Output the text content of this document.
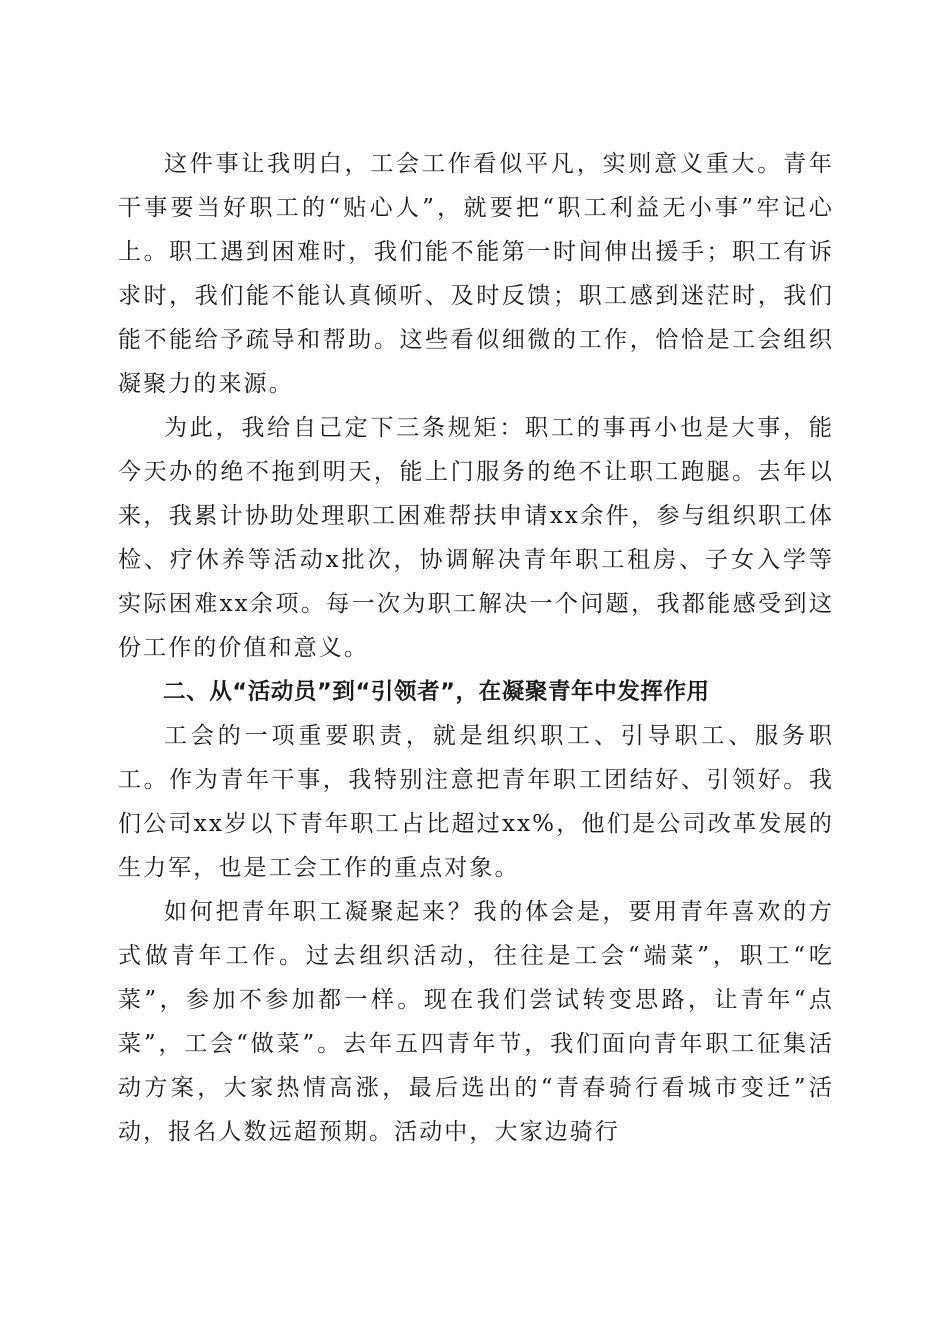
这件事让我明白，工会工作看似平凡，实则意义重大。青年干事要当好职工的“贴心人”，就要把“职工利益无小事”牢记心上。职工遇到困难时，我们能不能第一时间伸出援手；职工有诉求时，我们能不能认真倾听、及时反馈；职工感到迷茫时，我们能不能给予疏导和帮助。这些看似细微的工作，恰恰是工会组织凝聚力的来源。

为此，我给自己定下三条规矩：职工的事再小也是大事，能今天办的绝不拖到明天，能上门服务的绝不让职工跑腿。去年以来，我累计协助处理职工困难帮扶申请xx余件，参与组织职工体检、疗休养等活动x批次，协调解决青年职工租房、子女入学等实际困难xx余项。每一次为职工解决一个问题，我都能感受到这份工作的价值和意义。

二、从“活动员”到“引领者”，在凝聚青年中发挥作用

工会的一项重要职责，就是组织职工、引导职工、服务职工。作为青年干事，我特别注意把青年职工团结好、引领好。我们公司xx岁以下青年职工占比超过xx%，他们是公司改革发展的生力军，也是工会工作的重点对象。

如何把青年职工凝聚起来？我的体会是，要用青年喜欢的方式做青年工作。过去组织活动，往往是工会“端菜”，职工“吃菜”，参加不参加都一样。现在我们尝试转变思路，让青年“点菜”，工会“做菜”。去年五四青年节，我们面向青年职工征集活动方案，大家热情高涨，最后选出的“青春骑行看城市变迁”活动，报名人数远超预期。活动中，大家边骑行
